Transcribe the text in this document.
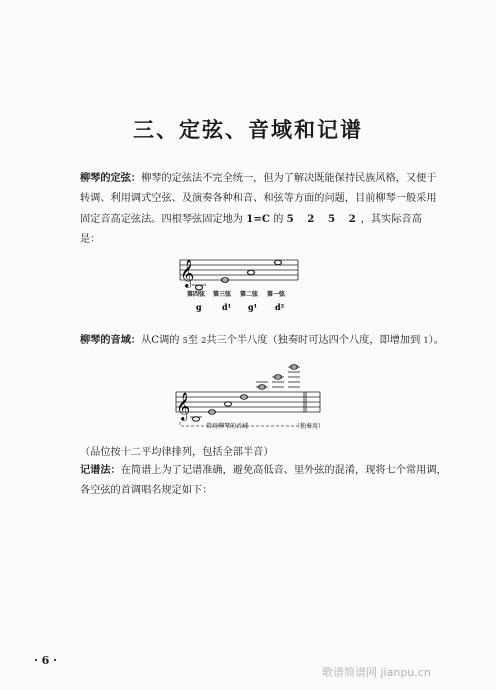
三、定弦、音域和记谱

柳琴的定弦：柳琴的定弦法不完全统一，但为了解决既能保持民族风格，又便于转调、利用调式空弦、及演奏各种和音、和弦等方面的问题，目前柳琴一般采用固定音高定弦法。四根琴弦固定地为 1=C 的 5 2 5 2，其实际音高是：

𝄞
第四弦 第三弦 第二弦 第一弦
g	d¹ g¹ d²

柳琴的音域：从C调的 5至 2共三个半八度（独奏时可达四个八度，即增加到 1）。

𝄞
常用柳琴的音域	（独奏用）

（品位按十二平均律排列，包括全部半音）

记谱法：在简谱上为了记谱准确，避免高低音、里外弦的混淆，现将七个常用调，各空弦的首调唱名规定如下：

· 6 ·
歌谱简谱网 jianpu.cn
